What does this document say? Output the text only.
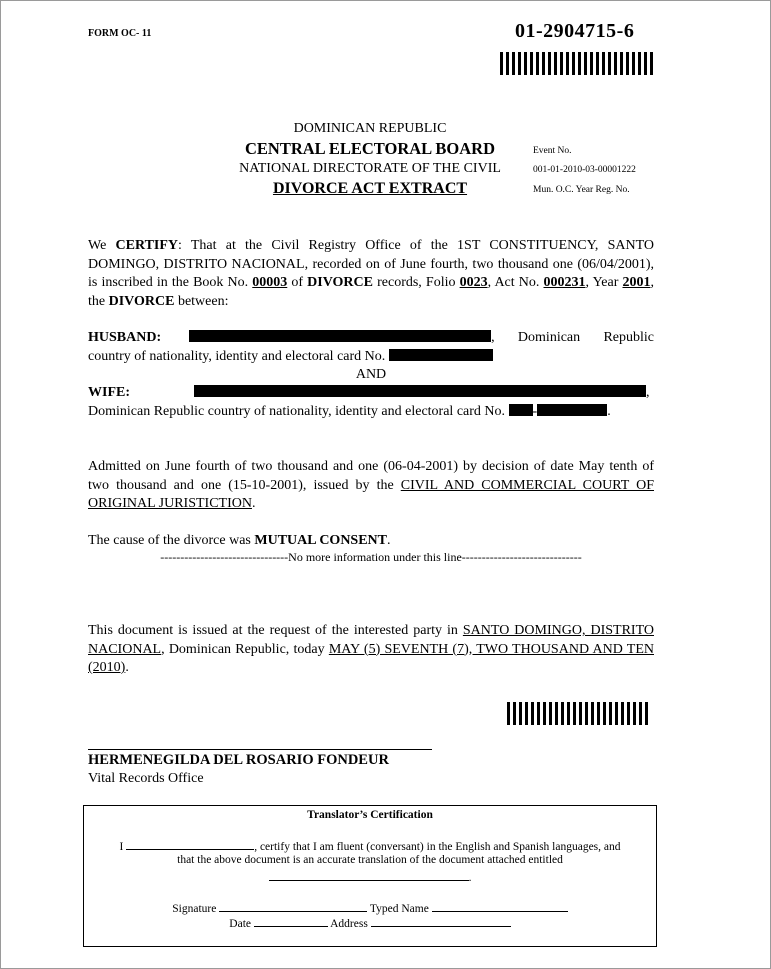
FORM OC- 11	01-2904715-6
DOMINICAN REPUBLIC
CENTRAL ELECTORAL BOARD
NATIONAL DIRECTORATE OF THE CIVIL
DIVORCE ACT EXTRACT
Event No.
001-01-2010-03-00001222
Mun. O.C. Year Reg. No.
We CERTIFY: That at the Civil Registry Office of the 1ST CONSTITUENCY, SANTO DOMINGO, DISTRITO NACIONAL, recorded on of June fourth, two thousand one (06/04/2001), is inscribed in the Book No. 00003 of DIVORCE records, Folio 0023, Act No. 000231, Year 2001, the DIVORCE between:
HUSBAND:	, Dominican Republic country of nationality, identity and electoral card No.
AND
WIFE:	, Dominican Republic country of nationality, identity and electoral card No. -	.
Admitted on June fourth of two thousand and one (06-04-2001) by decision of date May tenth of two thousand and one (15-10-2001), issued by the CIVIL AND COMMERCIAL COURT OF ORIGINAL JURISTICTION.
The cause of the divorce was MUTUAL CONSENT.
--------------------------------No more information under this line------------------------------
This document is issued at the request of the interested party in SANTO DOMINGO, DISTRITO NACIONAL, Dominican Republic, today MAY (5) SEVENTH (7), TWO THOUSAND AND TEN (2010).
HERMENEGILDA DEL ROSARIO FONDEUR
Vital Records Office
Translator’s Certification
I	, certify that I am fluent (conversant) in the English and Spanish languages, and
that the above document is an accurate translation of the document attached entitled
.
Signature	Typed Name
Date	Address
